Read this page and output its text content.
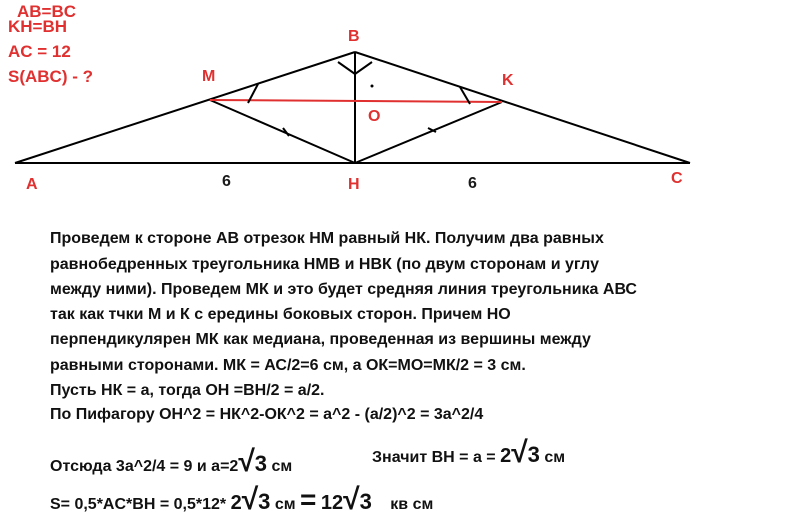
AB=BC
KH=BH
AC = 12
S(ABC) - ?
A
B
C
H
M	K
O
6	6
Проведем к стороне АВ отрезок НМ равный НК. Получим два равных
равнобедренных треугольника НМВ и НВК (по двум сторонам и углу
между ними). Проведем МК и это будет средняя линия треугольника АВС
так как тчки М и К с ередины боковых сторон. Причем НО
перпендикулярен МК как медиана, проведенная из вершины между
равными сторонами. МК = АС/2=6 см, а ОК=МО=МК/2 = 3 см.
Пусть НК = а, тогда ОН =ВН/2 = а/2.
По Пифагору ОН^2 = НК^2-ОК^2 = а^2 - (а/2)^2 = 3а^2/4
Отсюда 3а^2/4 = 9 и а=2√3 см
Значит ВН = а = 2√3 см
S= 0,5*AC*BH = 0,5*12* 2√3 см = 12√3 кв см
